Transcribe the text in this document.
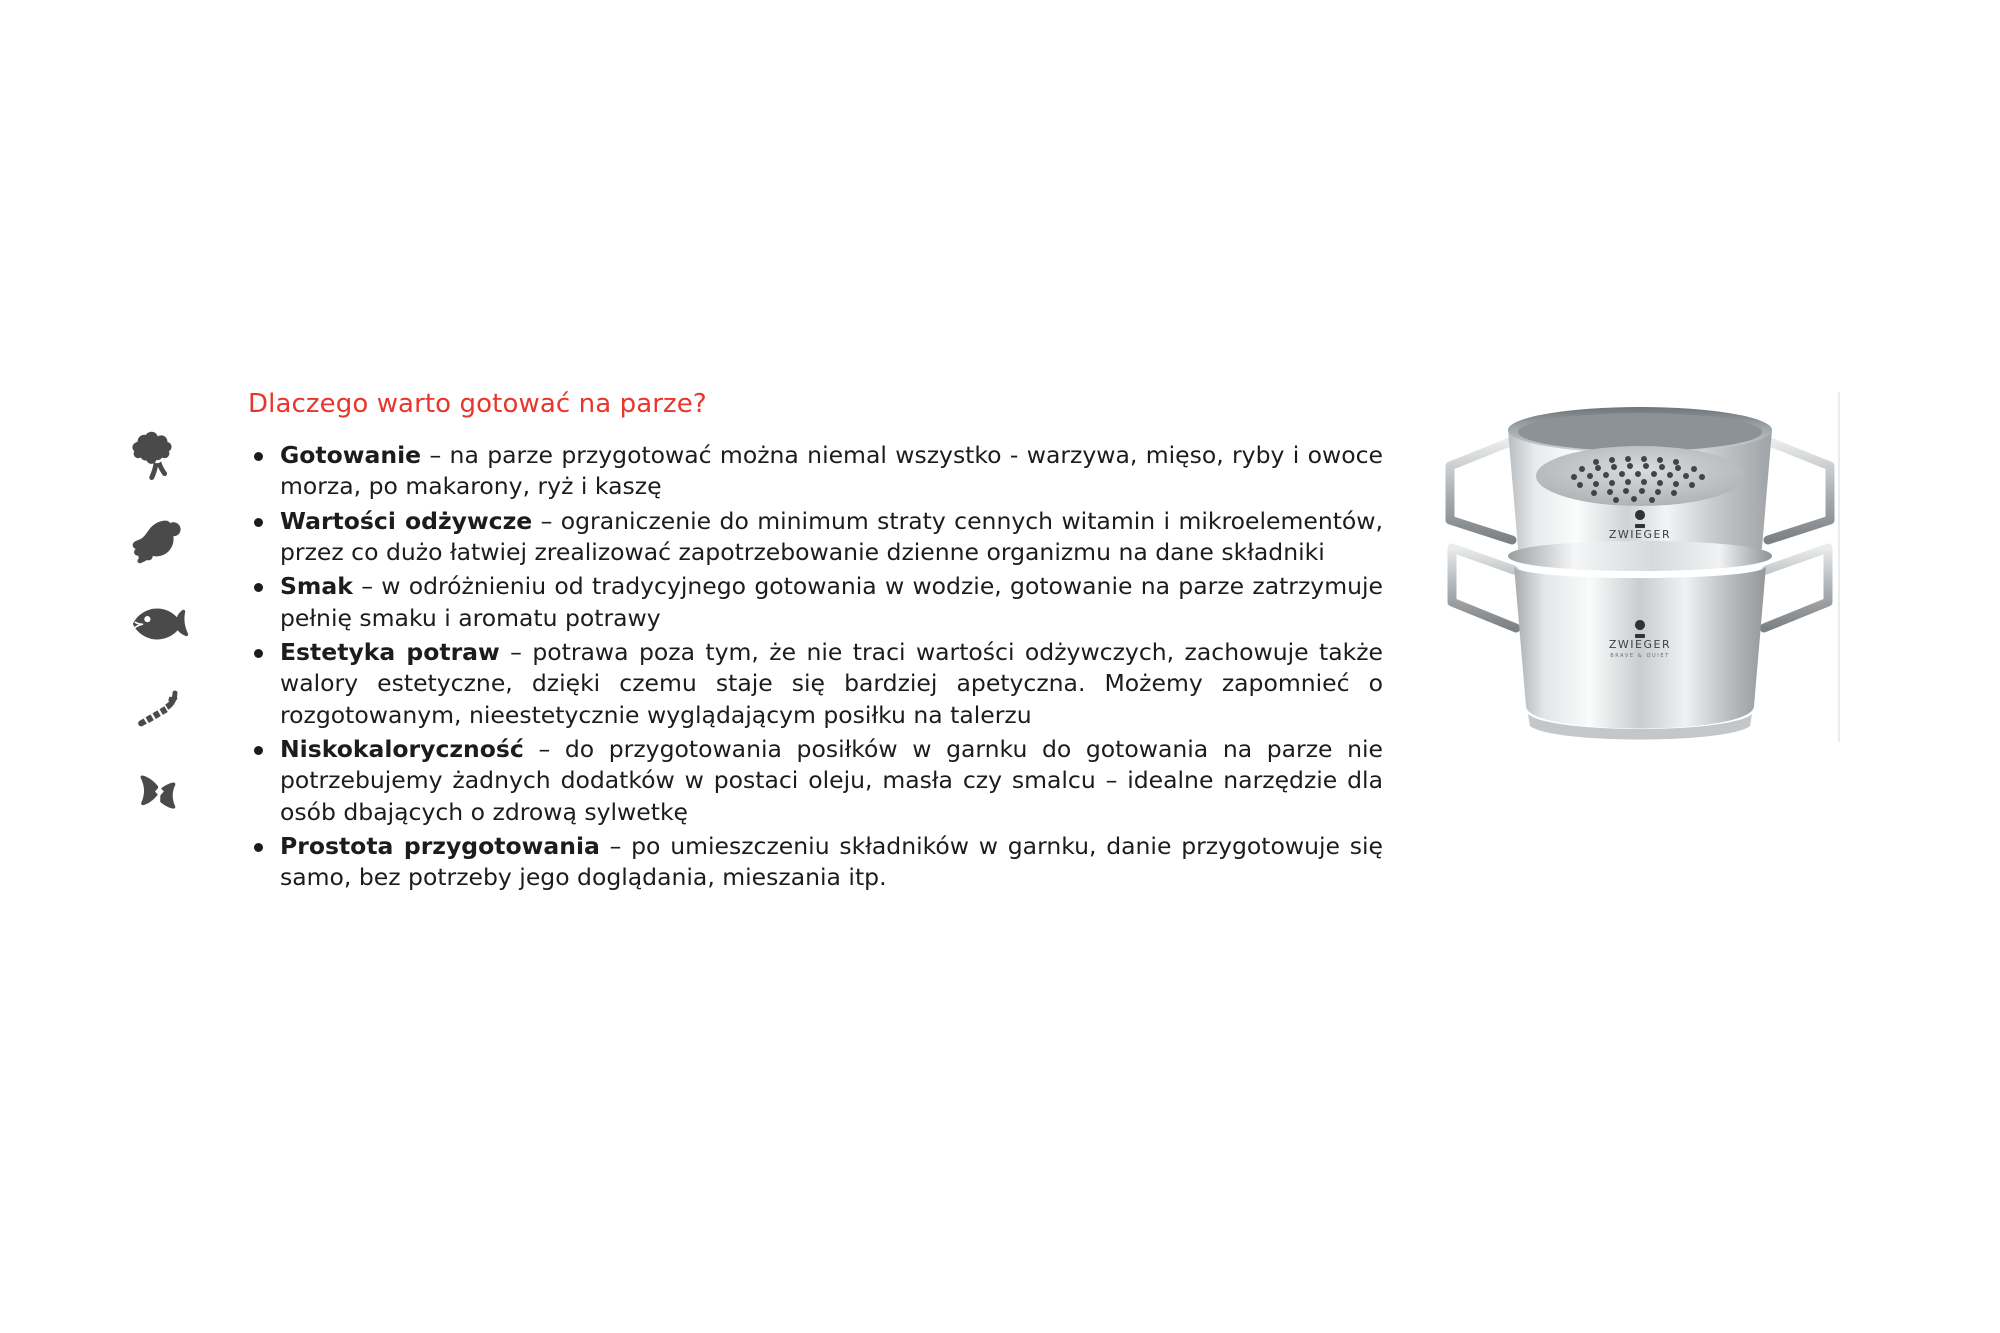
Dlaczego warto gotować na parze?
Gotowanie – na parze przygotować można niemal wszystko - warzywa, mięso, ryby i owoce morza, po makarony, ryż i kaszę
Wartości odżywcze – ograniczenie do minimum straty cennych witamin i mikroelementów, przez co dużo łatwiej zrealizować zapotrzebowanie dzienne organizmu na dane składniki
Smak – w odróżnieniu od tradycyjnego gotowania w wodzie, gotowanie na parze zatrzymuje pełnię smaku i aromatu potrawy
Estetyka potraw – potrawa poza tym, że nie traci wartości odżywczych, zachowuje także walory estetyczne, dzięki czemu staje się bardziej apetyczna. Możemy zapomnieć o rozgotowanym, nieestetycznie wyglądającym posiłku na talerzu
Niskokaloryczność – do przygotowania posiłków w garnku do gotowania na parze nie potrzebujemy żadnych dodatków w postaci oleju, masła czy smalcu – idealne narzędzie dla osób dbających o zdrową sylwetkę
Prostota przygotowania – po umieszczeniu składników w garnku, danie przygotowuje się samo, bez potrzeby jego doglądania, mieszania itp.
ZWIEGER
ZWIEGER
BRAVE & QUIET
